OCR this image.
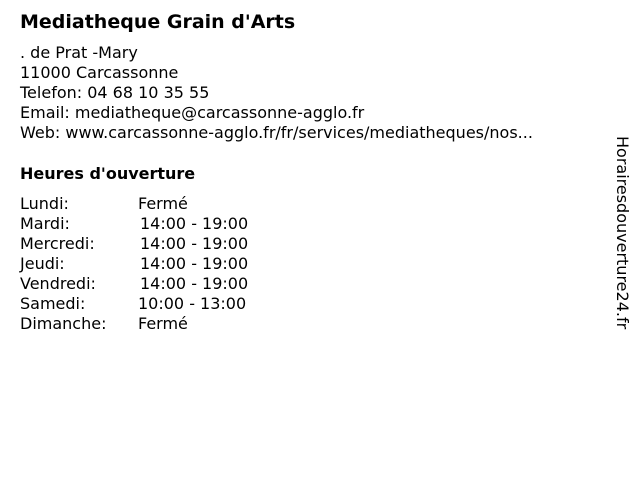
Mediatheque Grain d'Arts
. de Prat -Mary
11000 Carcassonne
Telefon: 04 68 10 35 55
Email: mediatheque@carcassonne-agglo.fr
Web: www.carcassonne-agglo.fr/fr/services/mediatheques/nos...
Heures d'ouverture
Lundi:	Fermé
Mardi:	14:00 - 19:00
Mercredi:	14:00 - 19:00
Jeudi:	14:00 - 19:00
Vendredi:	14:00 - 19:00
Samedi:	10:00 - 13:00
Dimanche: Fermé	Horairesdouverture24.fr
